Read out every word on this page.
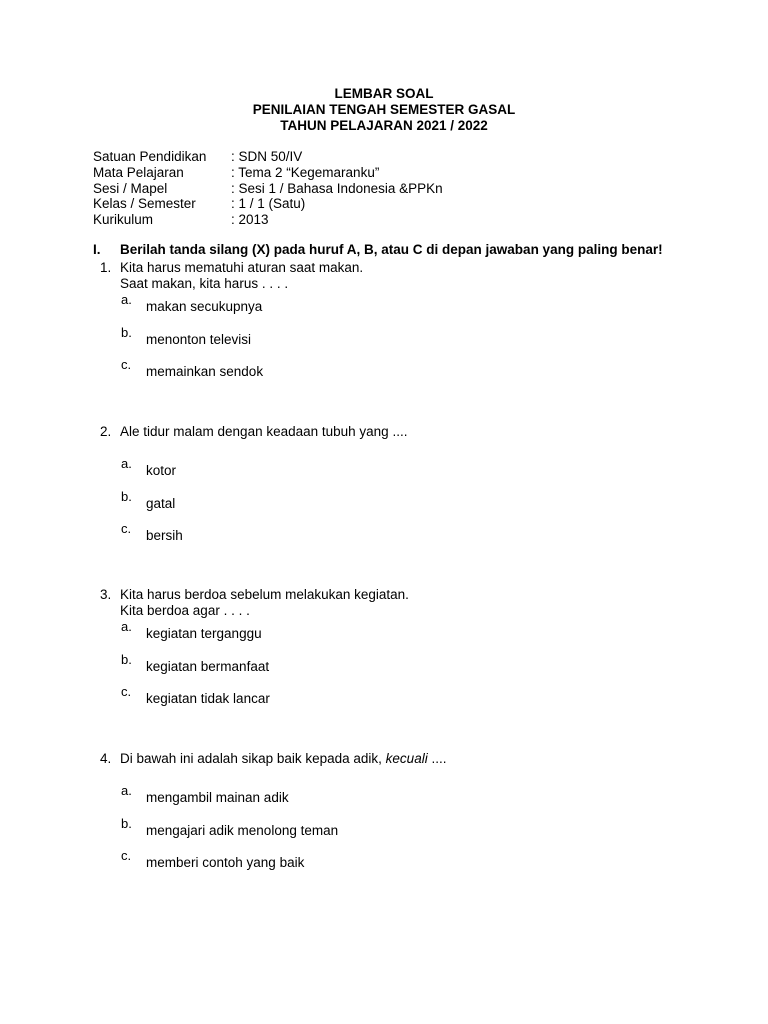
LEMBAR SOAL
PENILAIAN TENGAH SEMESTER GASAL
TAHUN PELAJARAN 2021 / 2022
Satuan Pendidikan	: SDN 50/IV
Mata Pelajaran	: Tema 2 “Kegemaranku”
Sesi / Mapel	: Sesi 1 / Bahasa Indonesia &PPKn
Kelas / Semester	: 1 / 1 (Satu)
Kurikulum	: 2013
I.	Berilah tanda silang (X) pada huruf A, B, atau C di depan jawaban yang paling benar!
1. Kita harus mematuhi aturan saat makan.
Saat makan, kita harus . . . .
a. makan secukupnya
b. menonton televisi
c. memainkan sendok
2. Ale tidur malam dengan keadaan tubuh yang ....
a. kotor
b. gatal
c. bersih
3. Kita harus berdoa sebelum melakukan kegiatan.
Kita berdoa agar . . . .
a. kegiatan terganggu
b. kegiatan bermanfaat
c. kegiatan tidak lancar
4. Di bawah ini adalah sikap baik kepada adik, kecuali ....
a. mengambil mainan adik
b. mengajari adik menolong teman
c. memberi contoh yang baik
